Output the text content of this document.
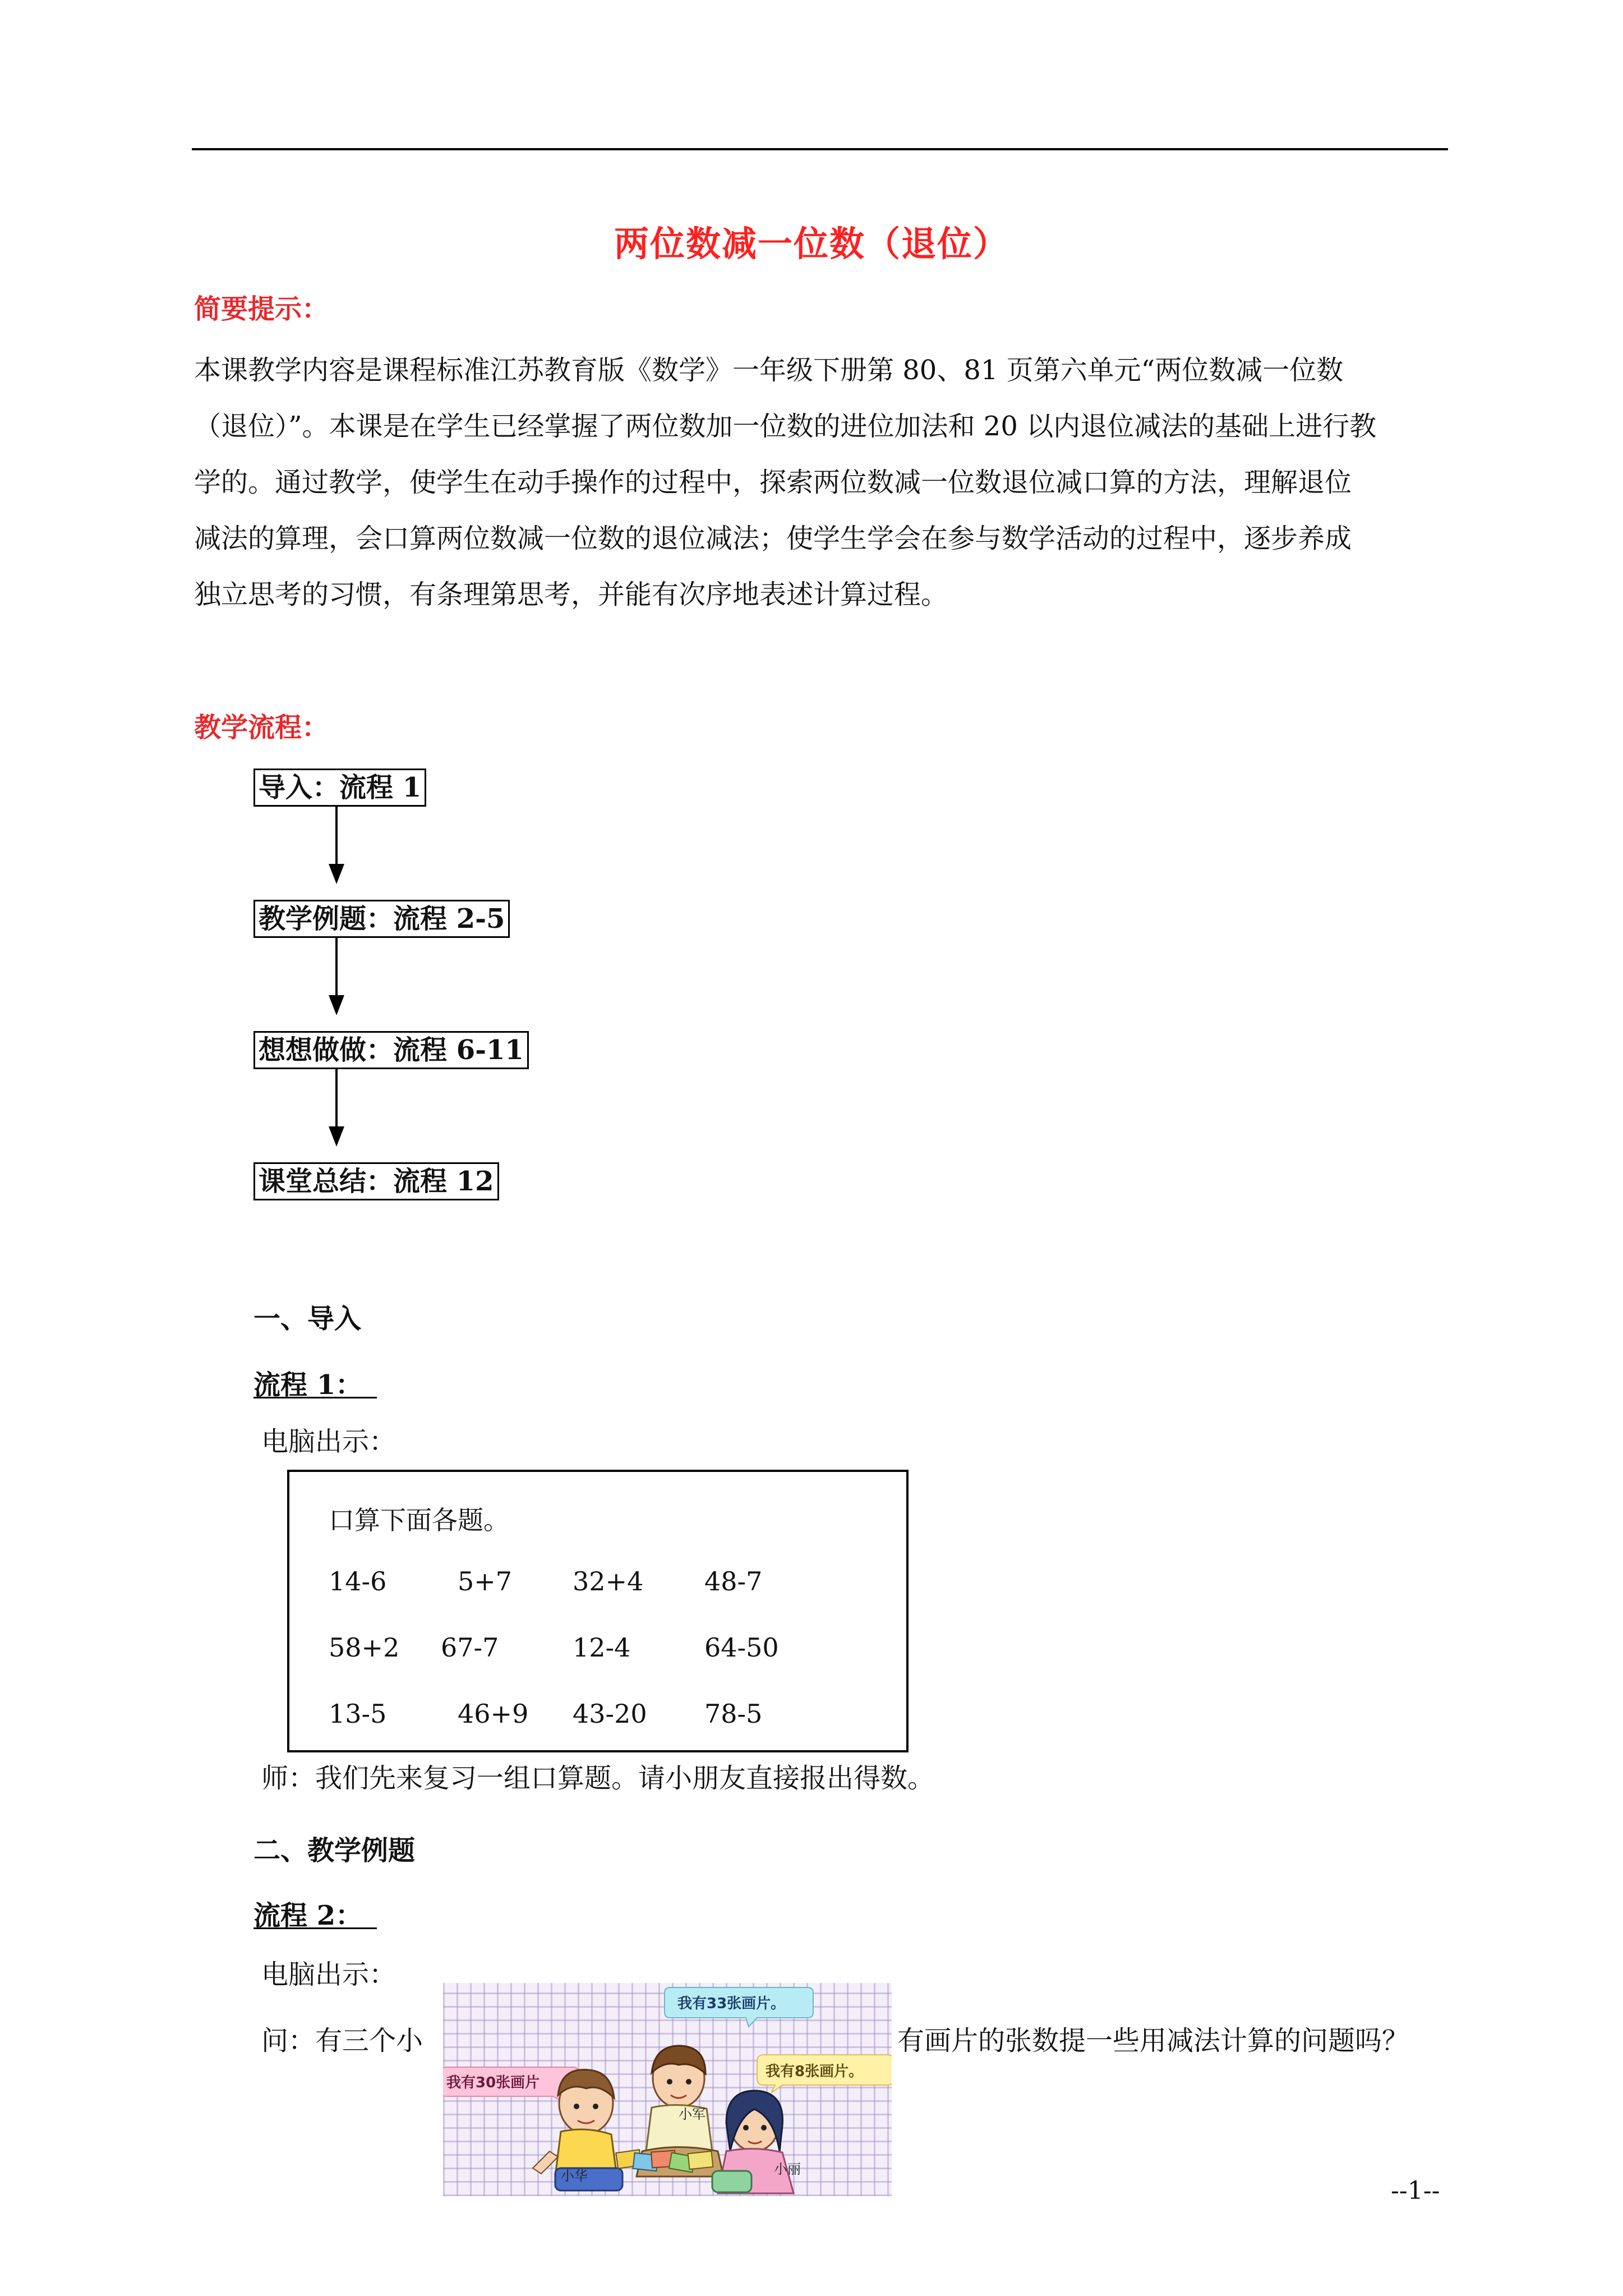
两位数减一位数（退位）
简要提示：

本课教学内容是课程标准江苏教育版《数学》一年级下册第 80、81 页第六单元“两位数减一位数

（退位）”。本课是在学生已经掌握了两位数加一位数的进位加法和 20 以内退位减法的基础上进行教

学的。通过教学，使学生在动手操作的过程中，探索两位数减一位数退位减口算的方法，理解退位

减法的算理，会口算两位数减一位数的退位减法；使学生学会在参与数学活动的过程中，逐步养成

独立思考的习惯，有条理第思考，并能有次序地表述计算过程。

教学流程：
导入：流程 1
教学例题：流程 2-5
想想做做：流程 6-11
课堂总结：流程 12
一、导入
流程 1：
电脑出示：
口算下面各题。
14-6	5+7 32+4 48-7
58+2 67-7	12-4	64-50
13-5	46+9 43-20 78-5
师：我们先来复习一组口算题。请小朋友直接报出得数。
二、教学例题
流程 2：
电脑出示：
问：有三个小	有画片的张数提一些用减法计算的问题吗？
我有33张画片。
我有30张画片
我有8张画片。
小军
小华	小丽
--1--
